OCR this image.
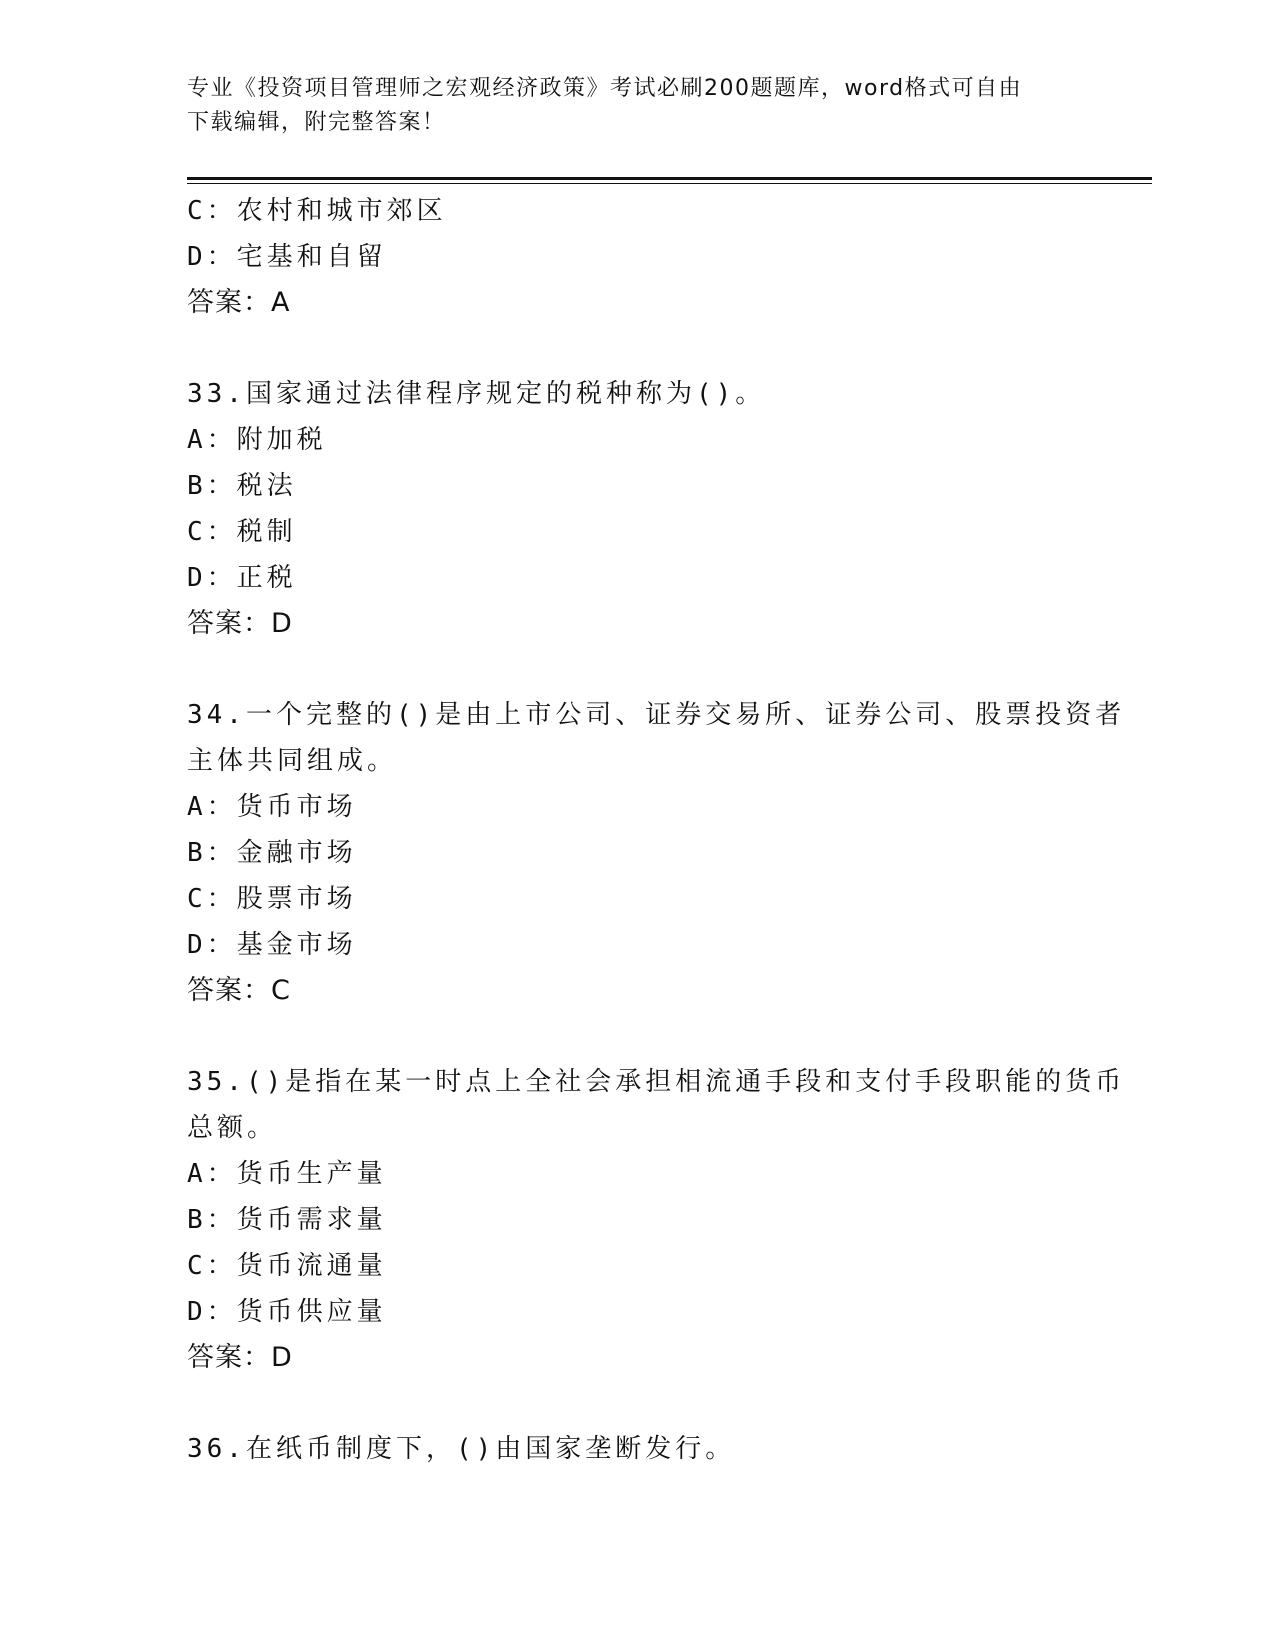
专业《投资项目管理师之宏观经济政策》考试必刷200题题库，word格式可自由
下载编辑，附完整答案！
C：农村和城市郊区
D：宅基和自留
答案：A
33.国家通过法律程序规定的税种称为()。
A：附加税
B：税法
C：税制
D：正税
答案：D
34.一个完整的()是由上市公司、证券交易所、证券公司、股票投资者
主体共同组成。
A：货币市场
B：金融市场
C：股票市场
D：基金市场
答案：C
35.()是指在某一时点上全社会承担相流通手段和支付手段职能的货币
总额。
A：货币生产量
B：货币需求量
C：货币流通量
D：货币供应量
答案：D
36.在纸币制度下，()由国家垄断发行。
